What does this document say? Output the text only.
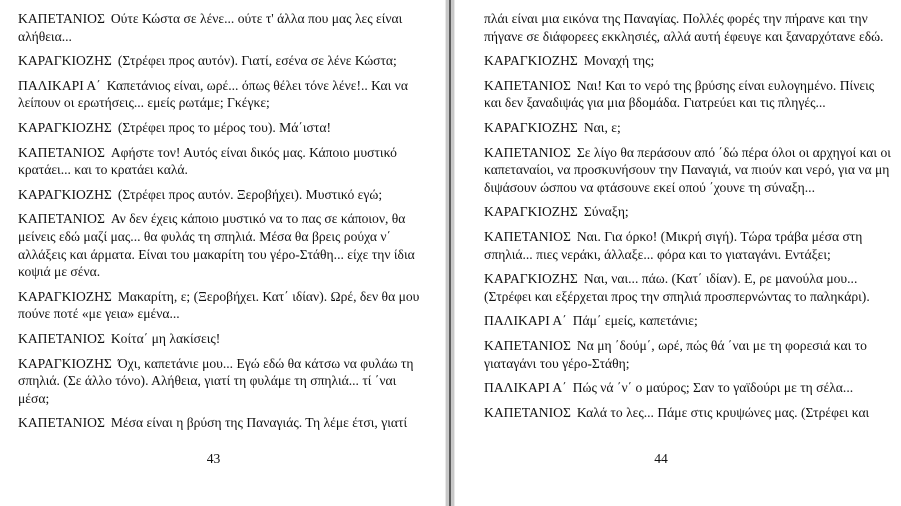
ΚΑΠΕΤΑΝΙΟΣ Ούτε Κώστα σε λένε... ούτε τ' άλλα που μας λες είναι αλήθεια...

ΚΑΡΑΓΚΙΟΖΗΣ (Στρέφει προς αυτόν). Γιατί, εσένα σε λένε Κώστα;

ΠΑΛΙΚΑΡΙ Α΄ Καπετάνιος είναι, ωρέ... όπως θέλει τόνε λένε!.. Και να λείπουν οι ερωτήσεις... εμείς ρωτάμε; Γκέγκε;

ΚΑΡΑΓΚΙΟΖΗΣ (Στρέφει προς το μέρος του). Μά΄ιστα!

ΚΑΠΕΤΑΝΙΟΣ Αφήστε τον! Αυτός είναι δικός μας. Κάποιο μυστικό κρατάει... και το κρατάει καλά.

ΚΑΡΑΓΚΙΟΖΗΣ (Στρέφει προς αυτόν. Ξεροβήχει). Μυστικό εγώ;

ΚΑΠΕΤΑΝΙΟΣ Αν δεν έχεις κάποιο μυστικό να το πας σε κάποιον, θα μείνεις εδώ μαζί μας... θα φυλάς τη σπηλιά. Μέσα θα βρεις ρούχα ν΄ αλλάξεις και άρματα. Είναι του μακαρίτη του γέρο-Στάθη... είχε την ίδια κοψιά με σένα.

ΚΑΡΑΓΚΙΟΖΗΣ Μακαρίτη, ε; (Ξεροβήχει. Κατ΄ ιδίαν). Ωρέ, δεν θα μου πούνε ποτέ «με γεια» εμένα...

ΚΑΠΕΤΑΝΙΟΣ Κοίτα΄ μη λακίσεις!

ΚΑΡΑΓΚΙΟΖΗΣ Όχι, καπετάνιε μου... Εγώ εδώ θα κάτσω να φυλάω τη σπηλιά. (Σε άλλο τόνο). Αλήθεια, γιατί τη φυλάμε τη σπηλιά... τί ΄ναι μέσα;

ΚΑΠΕΤΑΝΙΟΣ Μέσα είναι η βρύση της Παναγιάς. Τη λέμε έτσι, γιατί

43

πλάι είναι μια εικόνα της Παναγίας. Πολλές φορές την πήρανε και την πήγανε σε διάφορεες εκκλησιές, αλλά αυτή έφευγε και ξαναρχότανε εδώ.

ΚΑΡΑΓΚΙΟΖΗΣ Μοναχή της;

ΚΑΠΕΤΑΝΙΟΣ Ναι! Και το νερό της βρύσης είναι ευλογημένο. Πίνεις και δεν ξαναδιψάς για μια βδομάδα. Γιατρεύει και τις πληγές...

ΚΑΡΑΓΚΙΟΖΗΣ Ναι, ε;

ΚΑΠΕΤΑΝΙΟΣ Σε λίγο θα περάσουν από ΄δώ πέρα όλοι οι αρχηγοί και οι καπεταναίοι, να προσκυνήσουν την Παναγιά, να πιούν και νερό, για να μη διψάσουν ώσπου να φτάσουνε εκεί οπού ΄χουνε τη σύναξη...

ΚΑΡΑΓΚΙΟΖΗΣ Σύναξη;

ΚΑΠΕΤΑΝΙΟΣ Ναι. Για όρκο! (Μικρή σιγή). Τώρα τράβα μέσα στη σπηλιά... πιες νεράκι, άλλαξε... φόρα και το γιαταγάνι. Εντάξει;

ΚΑΡΑΓΚΙΟΖΗΣ Ναι, ναι... πάω. (Κατ΄ ιδίαν). Ε, ρε μανούλα μου... (Στρέφει και εξέρχεται προς την σπηλιά προσπερνώντας το παληκάρι).

ΠΑΛΙΚΑΡΙ Α΄ Πάμ΄ εμείς, καπετάνιε;

ΚΑΠΕΤΑΝΙΟΣ Να μη ΄δούμ΄, ωρέ, πώς θά ΄ναι με τη φορεσιά και το γιαταγάνι του γέρο-Στάθη;

ΠΑΛΙΚΑΡΙ Α΄ Πώς νά ΄ν΄ ο μαύρος; Σαν το γαϊδούρι με τη σέλα...

ΚΑΠΕΤΑΝΙΟΣ Καλά το λες... Πάμε στις κρυψώνες μας. (Στρέφει και

44
